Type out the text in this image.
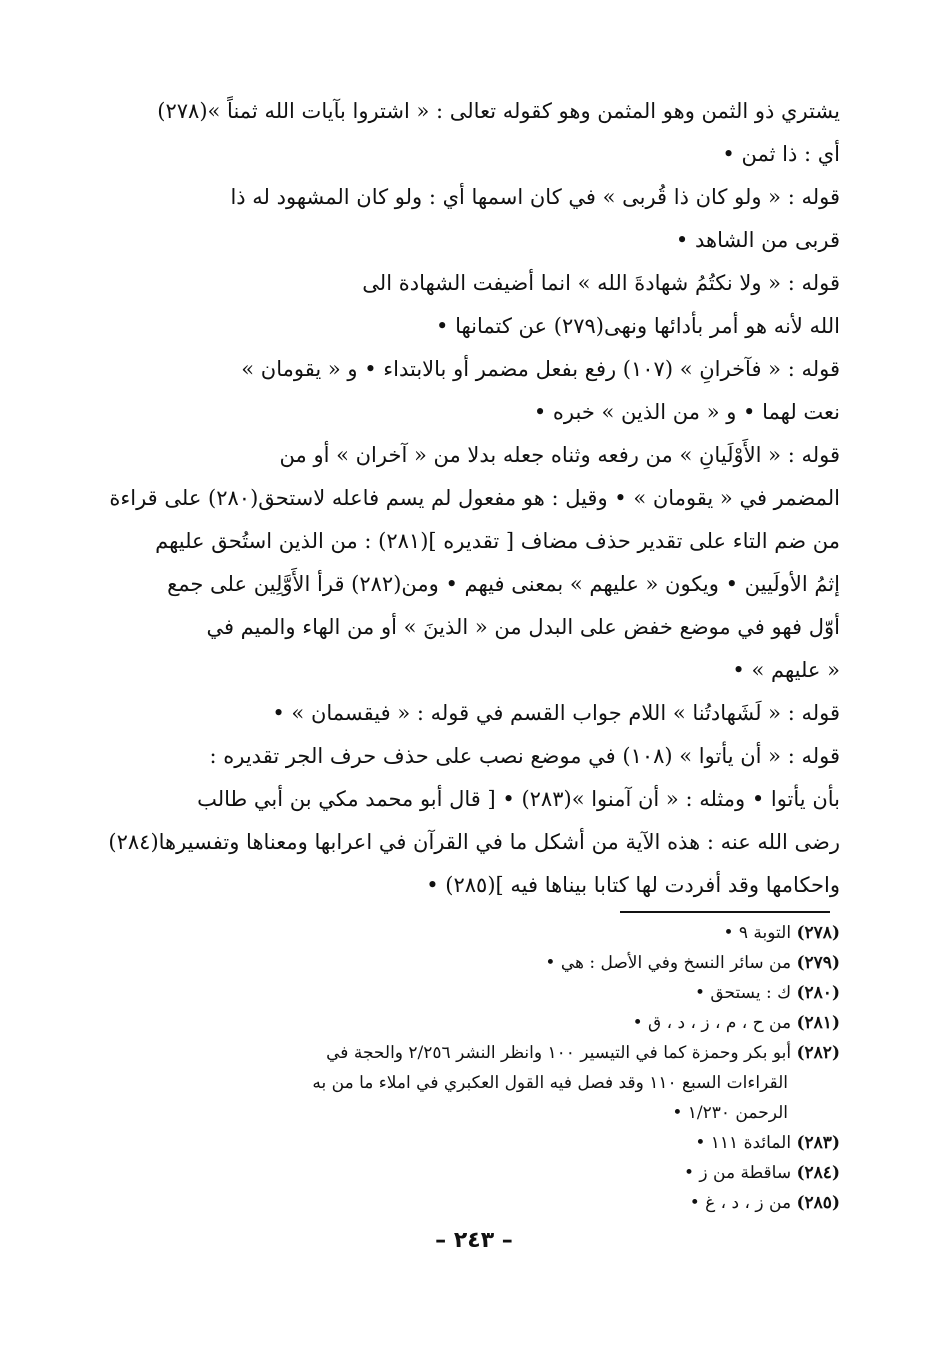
يشتري ذو الثمن وهو المثمن وهو كقوله تعالى : « اشتروا بآيات الله ثمناً »(٢٧٨)
أي : ذا ثمن •
قوله : « ولو كان ذا قُربى » في كان اسمها أي : ولو كان المشهود له ذا
قربى من الشاهد •
قوله : « ولا نكتُمُ شهادةَ الله » انما أضيفت الشهادة الى
الله لأنه هو أمر بأدائها ونهى(٢٧٩) عن كتمانها •
قوله : « فآخرانِ » (١٠٧) رفع بفعل مضمر أو بالابتداء • و « يقومان »
نعت لهما • و « من الذين » خبره •
قوله : « الأَوْلَيانِ » من رفعه وثناه جعله بدلا من « آخران » أو من
المضمر في « يقومان » • وقيل : هو مفعول لم يسم فاعله لاستحق(٢٨٠) على قراءة
من ضم التاء على تقدير حذف مضاف [ تقديره ](٢٨١) : من الذين استُحق عليهم
إثمُ الأولَيين • ويكون « عليهم » بمعنى فيهم • ومن(٢٨٢) قرأ الأَوَّلِين على جمع
أوّل فهو في موضع خفض على البدل من « الذينَ » أو من الهاء والميم في
« عليهم » •
قوله : « لَشَهادتُنا » اللام جواب القسم في قوله : « فيقسمان » •
قوله : « أن يأتوا » (١٠٨) في موضع نصب على حذف حرف الجر تقديره :
بأن يأتوا • ومثله : « أن آمنوا »(٢٨٣) • [ قال أبو محمد مكي بن أبي طالب
رضى الله عنه : هذه الآية من أشكل ما في القرآن في اعرابها ومعناها وتفسيرها(٢٨٤)
واحكامها وقد أفردت لها كتابا بيناها فيه ](٢٨٥) •
(٢٧٨) التوبة ٩ •
(٢٧٩) من سائر النسخ وفي الأصل : هي •
(٢٨٠) ك : يستحق •
(٢٨١) من ح ، م ، ز ، د ، ق •
(٢٨٢) أبو بكر وحمزة كما في التيسير ١٠٠ وانظر النشر ٢/٢٥٦ والحجة في
القراءات السبع ١١٠ وقد فصل فيه القول العكبري في املاء ما من به
الرحمن ١/٢٣٠ •
(٢٨٣) المائدة ١١١ •
(٢٨٤) ساقطة من ز •
(٢٨٥) من ز ، د ، غ •
– ٢٤٣ –
